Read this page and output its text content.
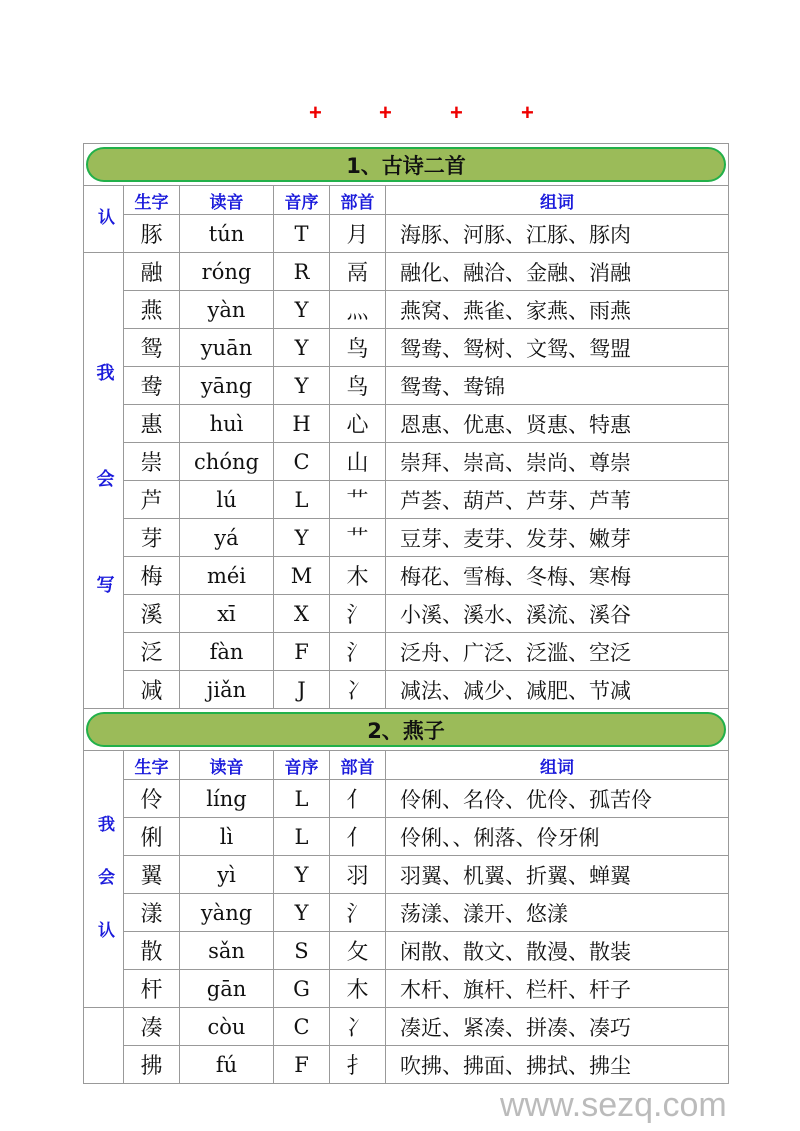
+	+	+	+
1、古诗二首					

认	生字	读音	音序	部首	组词
	豚	tún	T	月	海豚、河豚、江豚、豚肉
我会写	融	róng	R	鬲	融化、融洽、金融、消融
	燕	yàn	Y	灬	燕窝、燕雀、家燕、雨燕
	鸳	yuān	Y	鸟	鸳鸯、鸳树、文鸳、鸳盟
	鸯	yāng	Y	鸟	鸳鸯、鸯锦
	惠	huì	H	心	恩惠、优惠、贤惠、特惠
	崇	chóng	C	山	崇拜、崇高、崇尚、尊崇
	芦	lú	L	艹	芦荟、葫芦、芦芽、芦苇
	芽	yá	Y	艹	豆芽、麦芽、发芽、嫩芽
	梅	méi	M	木	梅花、雪梅、冬梅、寒梅
	溪	xī	X	氵	小溪、溪水、溪流、溪谷
	泛	fàn	F	氵	泛舟、广泛、泛滥、空泛
	减	jiǎn	J	冫	减法、减少、减肥、节减

2、燕子					

我会认	生字	读音	音序	部首	组词
	伶	líng	L	亻	伶俐、名伶、优伶、孤苦伶
	俐	lì	L	亻	伶俐、、俐落、伶牙俐
	翼	yì	Y	羽	羽翼、机翼、折翼、蝉翼
	漾	yàng	Y	氵	荡漾、漾开、悠漾
	散	sǎn	S	攵	闲散、散文、散漫、散装
	杆	gān	G	木	木杆、旗杆、栏杆、杆子
	凑	còu	C	冫	凑近、紧凑、拼凑、凑巧
	拂	fú	F	扌	吹拂、拂面、拂拭、拂尘
www.sezq.com
